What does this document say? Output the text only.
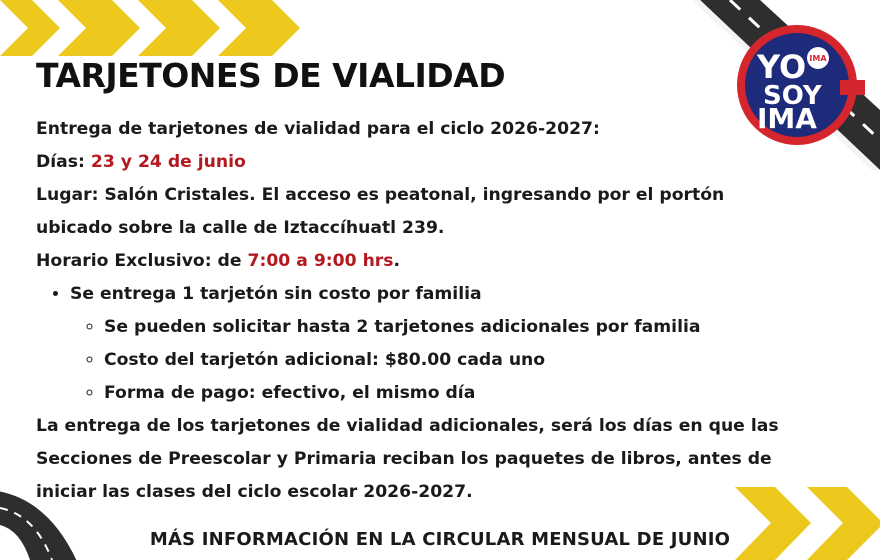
YO
SOY
IMA
IMA
TARJETONES DE VIALIDAD

Entrega de tarjetones de vialidad para el ciclo 2026-2027:

Días: 23 y 24 de junio

Lugar: Salón Cristales. El acceso es peatonal, ingresando por el portón

ubicado sobre la calle de Iztaccíhuatl 239.

Horario Exclusivo: de 7:00 a 9:00 hrs.

• Se entrega 1 tarjetón sin costo por familia
◦ Se pueden solicitar hasta 2 tarjetones adicionales por familia
◦ Costo del tarjetón adicional: $80.00 cada uno
◦ Forma de pago: efectivo, el mismo día

La entrega de los tarjetones de vialidad adicionales, será los días en que las

Secciones de Preescolar y Primaria reciban los paquetes de libros, antes de

iniciar las clases del ciclo escolar 2026-2027.

MÁS INFORMACIÓN EN LA CIRCULAR MENSUAL DE JUNIO
